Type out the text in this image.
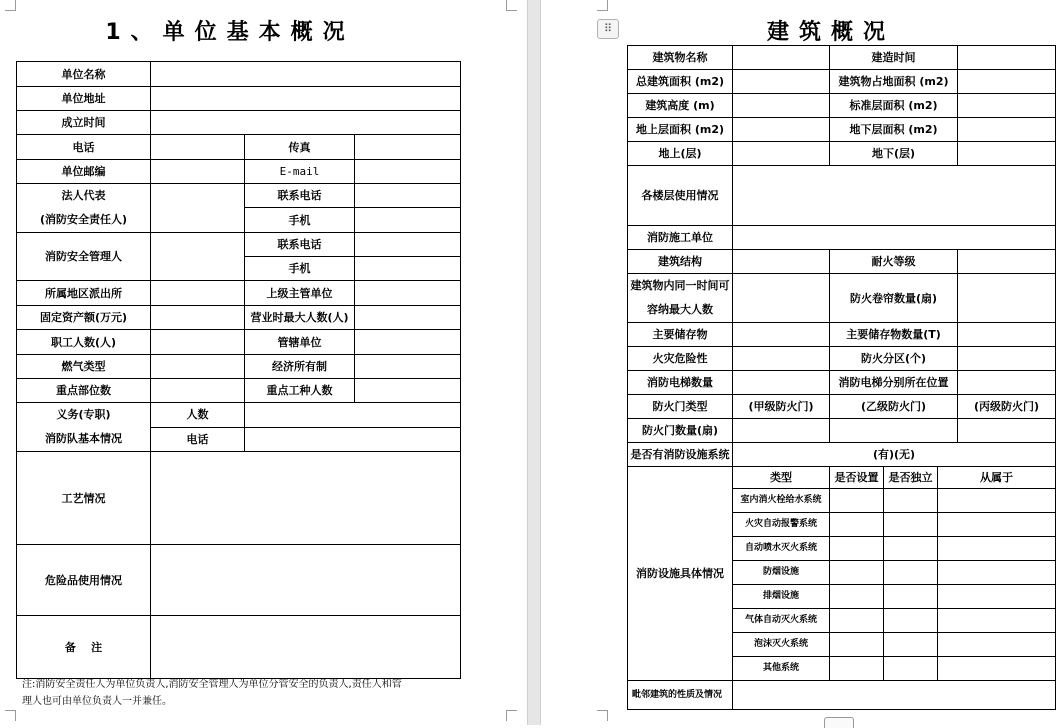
1、单位基本概况
单位名称			
单位地址			
成立时间			
电话		传真	
单位邮编		E-mail	

法人代表
(消防安全责任人)		联系电话	
		手机	
消防安全管理人		联系电话	
		手机	
所属地区派出所		上级主管单位	
固定资产额(万元)		营业时最大人数(人)	
职工人数(人)		管辖单位	
燃气类型		经济所有制	
重点部位数		重点工种人数	

义务(专职)
消防队基本情况	人数		
	电话		
工艺情况			
危险品使用情况			
备    注			
注:消防安全责任人为单位负责人,消防安全管理人为单位分管安全的负责人,责任人和管
理人也可由单位负责人一并兼任。
建筑概况
建筑物名称		建造时间			
总建筑面积 (m2)		建筑物占地面积 (m2)			
建筑高度 (m)		标准层面积 (m2)			
地上层面积 (m2)		地下层面积 (m2)			
地上(层)		地下(层)			
各楼层使用情况					
消防施工单位					
建筑结构		耐火等级			

建筑物内同一时间可
容纳最大人数		防火卷帘数量(扇)			
主要储存物		主要储存物数量(T)			
火灾危险性		防火分区(个)			
消防电梯数量		消防电梯分别所在位置			
防火门类型	(甲级防火门)	(乙级防火门)			(丙级防火门)
防火门数量(扇)					
是否有消防设施系统	(有)(无)				
消防设施具体情况	类型	是否设置	是否独立	从属于	
	室内消火栓给水系统				
	火灾自动报警系统				
	自动喷水灭火系统				
	防烟设施				
	排烟设施				
	气体自动灭火系统				
	泡沫灭火系统				
	其他系统				
毗邻建筑的性质及情况					
⠿
